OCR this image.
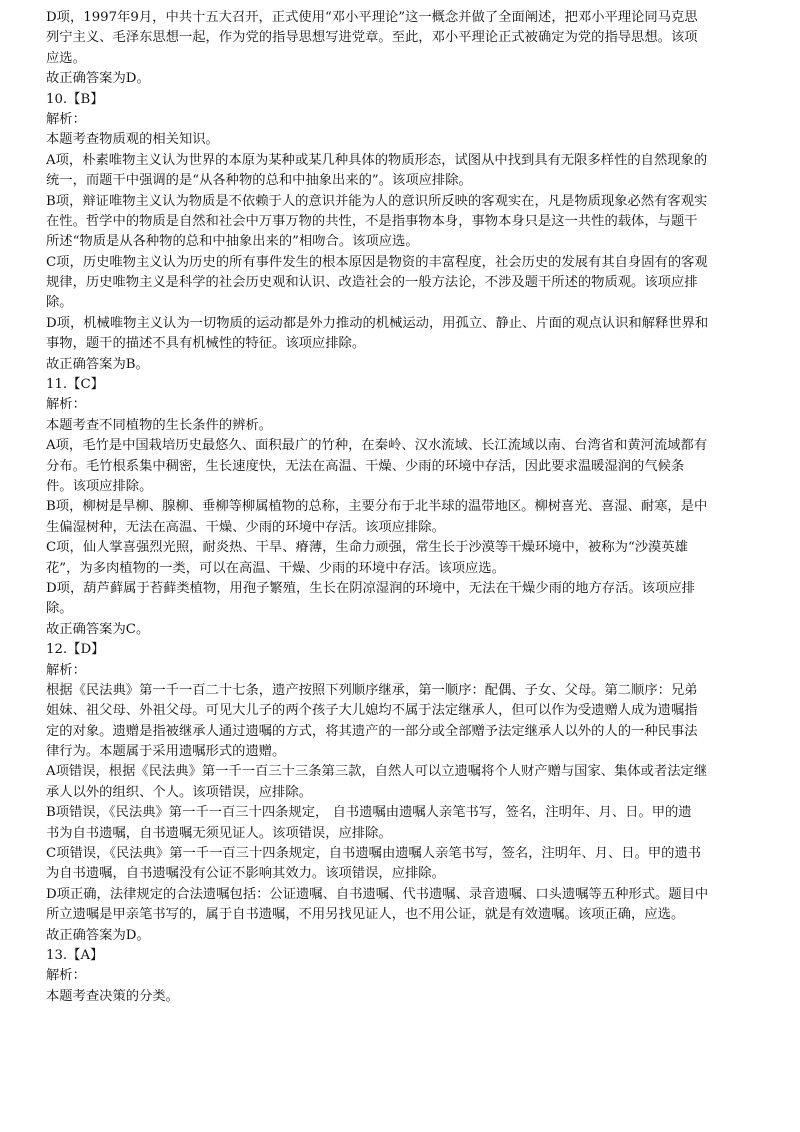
D项，1997年9月，中共十五大召开，正式使用“邓小平理论”这一概念并做了全面阐述，把邓小平理论同马克思
列宁主义、毛泽东思想一起，作为党的指导思想写进党章。至此，邓小平理论正式被确定为党的指导思想。该项
应选。
故正确答案为D。
10.【B】
解析：
本题考查物质观的相关知识。
A项，朴素唯物主义认为世界的本原为某种或某几种具体的物质形态，试图从中找到具有无限多样性的自然现象的
统一，而题干中强调的是“从各种物的总和中抽象出来的”。该项应排除。
B项，辩证唯物主义认为物质是不依赖于人的意识并能为人的意识所反映的客观实在，凡是物质现象必然有客观实
在性。哲学中的物质是自然和社会中万事万物的共性，不是指事物本身，事物本身只是这一共性的载体，与题干
所述“物质是从各种物的总和中抽象出来的”相吻合。该项应选。
C项，历史唯物主义认为历史的所有事件发生的根本原因是物资的丰富程度，社会历史的发展有其自身固有的客观
规律，历史唯物主义是科学的社会历史观和认识、改造社会的一般方法论，不涉及题干所述的物质观。该项应排
除。
D项，机械唯物主义认为一切物质的运动都是外力推动的机械运动，用孤立、静止、片面的观点认识和解释世界和
事物，题干的描述不具有机械性的特征。该项应排除。
故正确答案为B。
11.【C】
解析：
本题考查不同植物的生长条件的辨析。
A项，毛竹是中国栽培历史最悠久、面积最广的竹种，在秦岭、汉水流域、长江流域以南、台湾省和黄河流域都有
分布。毛竹根系集中稠密，生长速度快，无法在高温、干燥、少雨的环境中存活，因此要求温暖湿润的气候条
件。该项应排除。
B项，柳树是旱柳、腺柳、垂柳等柳属植物的总称，主要分布于北半球的温带地区。柳树喜光、喜湿、耐寒，是中
生偏湿树种，无法在高温、干燥、少雨的环境中存活。该项应排除。
C项，仙人掌喜强烈光照，耐炎热、干旱、瘠薄，生命力顽强，常生长于沙漠等干燥环境中，被称为“沙漠英雄
花”，为多肉植物的一类，可以在高温、干燥、少雨的环境中存活。该项应选。
D项，葫芦藓属于苔藓类植物，用孢子繁殖，生长在阴凉湿润的环境中，无法在干燥少雨的地方存活。该项应排
除。
故正确答案为C。
12.【D】
解析：
根据《民法典》第一千一百二十七条，遗产按照下列顺序继承，第一顺序：配偶、子女、父母。第二顺序：兄弟
姐妹、祖父母、外祖父母。可见大儿子的两个孩子大儿媳均不属于法定继承人，但可以作为受遗赠人成为遗嘱指
定的对象。遗赠是指被继承人通过遗嘱的方式，将其遗产的一部分或全部赠予法定继承人以外的人的一种民事法
律行为。本题属于采用遗嘱形式的遗赠。
A项错误，根据《民法典》第一千一百三十三条第三款，自然人可以立遗嘱将个人财产赠与国家、集体或者法定继
承人以外的组织、个人。该项错误，应排除。
B项错误，《民法典》第一千一百三十四条规定， 自书遗嘱由遗嘱人亲笔书写，签名，注明年、月、日。甲的遗
书为自书遗嘱，自书遗嘱无须见证人。该项错误，应排除。
C项错误，《民法典》第一千一百三十四条规定，自书遗嘱由遗嘱人亲笔书写，签名，注明年、月、日。甲的遗书
为自书遗嘱，自书遗嘱没有公证不影响其效力。该项错误，应排除。
D项正确，法律规定的合法遗嘱包括：公证遗嘱、自书遗嘱、代书遗嘱、录音遗嘱、口头遗嘱等五种形式。题目中
所立遗嘱是甲亲笔书写的，属于自书遗嘱，不用另找见证人，也不用公证，就是有效遗嘱。该项正确，应选。
故正确答案为D。
13.【A】
解析：
本题考查决策的分类。
